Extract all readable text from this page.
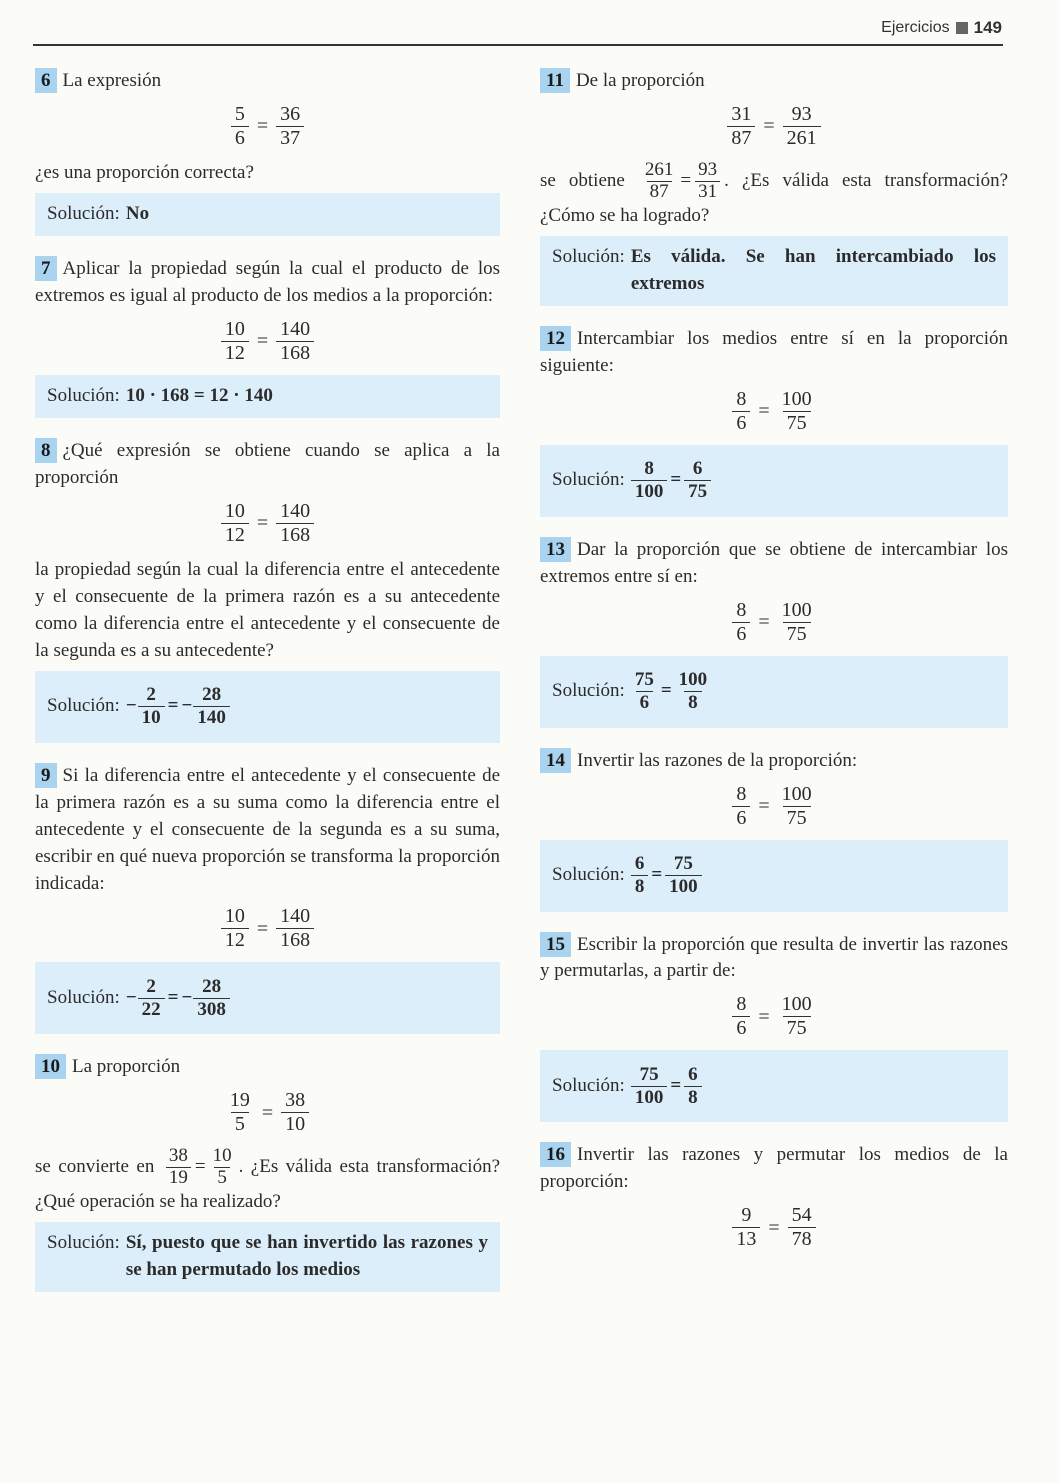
Ejercicios 149

6 La expresión

$\frac{5}{6} = \frac{36}{37}$

¿es una proporción correcta?

Solución: No

7 Aplicar la propiedad según la cual el producto de los extremos es igual al producto de los medios a la proporción:

$\frac{10}{12} = \frac{140}{168}$
Solución: 10 · 168 = 12 · 140

8 ¿Qué expresión se obtiene cuando se aplica a la proporción

$\frac{10}{12} = \frac{140}{168}$

la propiedad según la cual la diferencia entre el antecedente y el consecuente de la primera razón es a su antecedente como la diferencia entre el antecedente y el consecuente de la segunda es a su antecedente?

Solución: − $\frac{2}{10}$ = − $\frac{28}{140}$

9 Si la diferencia entre el antecedente y el consecuente de la primera razón es a su suma como la diferencia entre el antecedente y el consecuente de la segunda es a su suma, escribir en qué nueva proporción se transforma la proporción indicada:

$\frac{10}{12} = \frac{140}{168}$
Solución: − $\frac{2}{22}$ = − $\frac{28}{308}$

10 La proporción

$\frac{19}{5} = \frac{38}{10}$

se convierte en $\frac{38}{19} = \frac{10}{5}$ . ¿Es válida esta transformación? ¿Qué operación se ha realizado?

Solución: Sí, puesto que se han invertido las razones y se han permutado los medios

11 De la proporción

$\frac{31}{87} = \frac{93}{261}$

se obtiene $\frac{261}{87} = \frac{93}{31}$ . ¿Es válida esta transformación? ¿Cómo se ha logrado?

Solución: Es válida. Se han intercambiado los extremos

12 Intercambiar los medios entre sí en la proporción siguiente:

$\frac{8}{6} = \frac{100}{75}$
Solución: $\frac{8}{100} = \frac{6}{75}$

13 Dar la proporción que se obtiene de intercambiar los extremos entre sí en:

$\frac{8}{6} = \frac{100}{75}$
Solución: $\frac{75}{6} = \frac{100}{8}$

14 Invertir las razones de la proporción:

$\frac{8}{6} = \frac{100}{75}$
Solución: $\frac{6}{8} = \frac{75}{100}$

15 Escribir la proporción que resulta de invertir las razones y permutarlas, a partir de:

$\frac{8}{6} = \frac{100}{75}$
Solución: $\frac{75}{100} = \frac{6}{8}$

16 Invertir las razones y permutar los medios de la proporción:

$\frac{9}{13} = \frac{54}{78}$
